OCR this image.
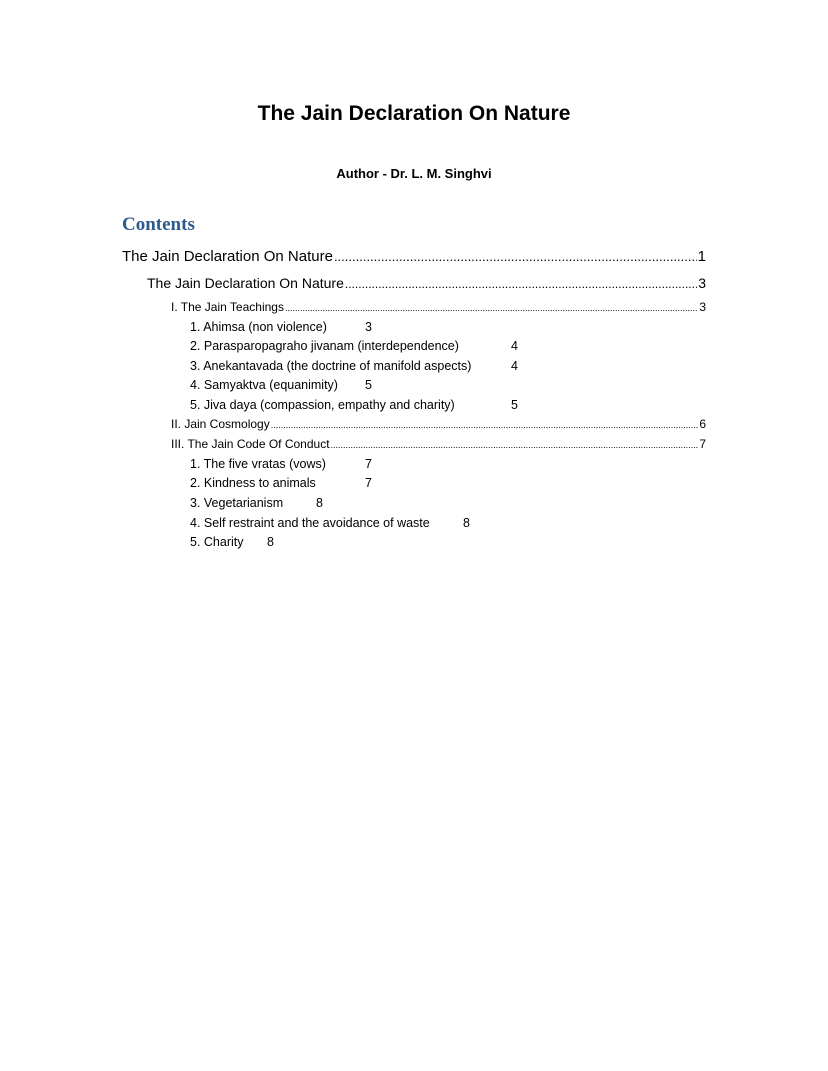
The Jain Declaration On Nature
Author - Dr. L. M. Singhvi
Contents
The Jain Declaration On Nature .....	1
The Jain Declaration On Nature .....	3
I. The Jain Teachings .....	3
1. Ahimsa (non violence)	3
2. Parasparopagraho jivanam (interdependence)	4
3. Anekantavada (the doctrine of manifold aspects)	4
4. Samyaktva (equanimity) 5
5. Jiva daya (compassion, empathy and charity)	5
II. Jain Cosmology .....	6
III. The Jain Code Of Conduct .....	7
1. The five vratas (vows)	7
2. Kindness to animals	7
3. Vegetarianism	8
4. Self restraint and the avoidance of waste	8
5. Charity 8
